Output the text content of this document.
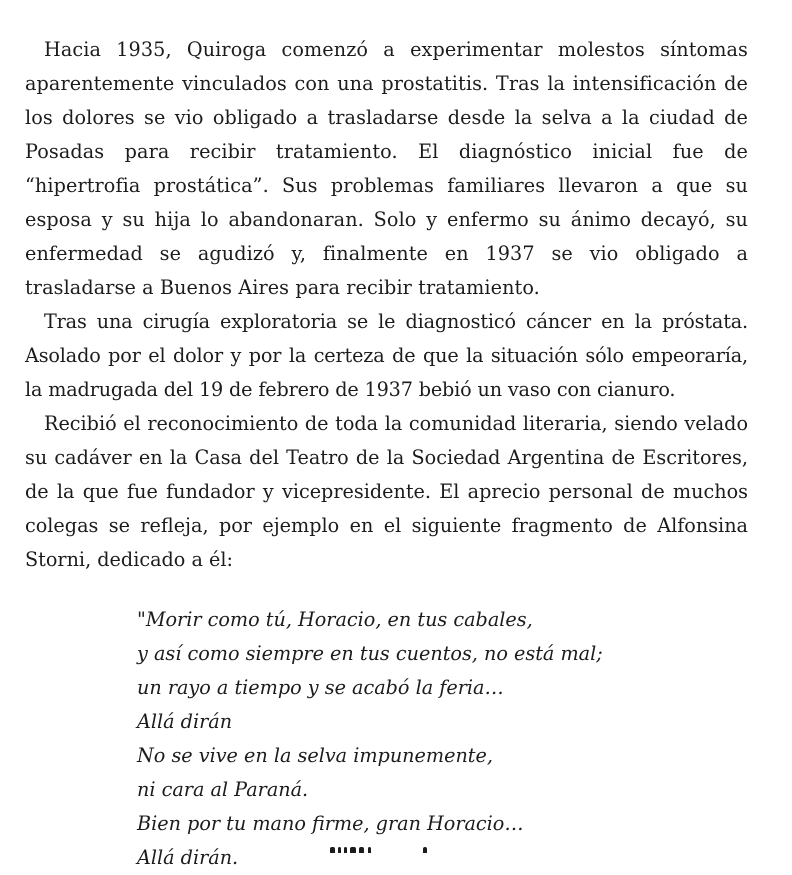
Hacia 1935, Quiroga comenzó a experimentar molestos síntomas aparentemente vinculados con una prostatitis. Tras la intensificación de los dolores se vio obligado a trasladarse desde la selva a la ciudad de Posadas para recibir tratamiento. El diagnóstico inicial fue de “hipertrofia prostática”. Sus problemas familiares llevaron a que su esposa y su hija lo abandonaran. Solo y enfermo su ánimo decayó, su enfermedad se agudizó y, finalmente en 1937 se vio obligado a trasladarse a Buenos Aires para recibir tratamiento.

Tras una cirugía exploratoria se le diagnosticó cáncer en la próstata. Asolado por el dolor y por la certeza de que la situación sólo empeoraría, la madrugada del 19 de febrero de 1937 bebió un vaso con cianuro.

Recibió el reconocimiento de toda la comunidad literaria, siendo velado su cadáver en la Casa del Teatro de la Sociedad Argentina de Escritores, de la que fue fundador y vicepresidente. El aprecio personal de muchos colegas se refleja, por ejemplo en el siguiente fragmento de Alfonsina Storni, dedicado a él:

"Morir como tú, Horacio, en tus cabales,
y así como siempre en tus cuentos, no está mal;
un rayo a tiempo y se acabó la feria…
Allá dirán
No se vive en la selva impunemente,
ni cara al Paraná.
Bien por tu mano firme, gran Horacio…
Allá dirán.
